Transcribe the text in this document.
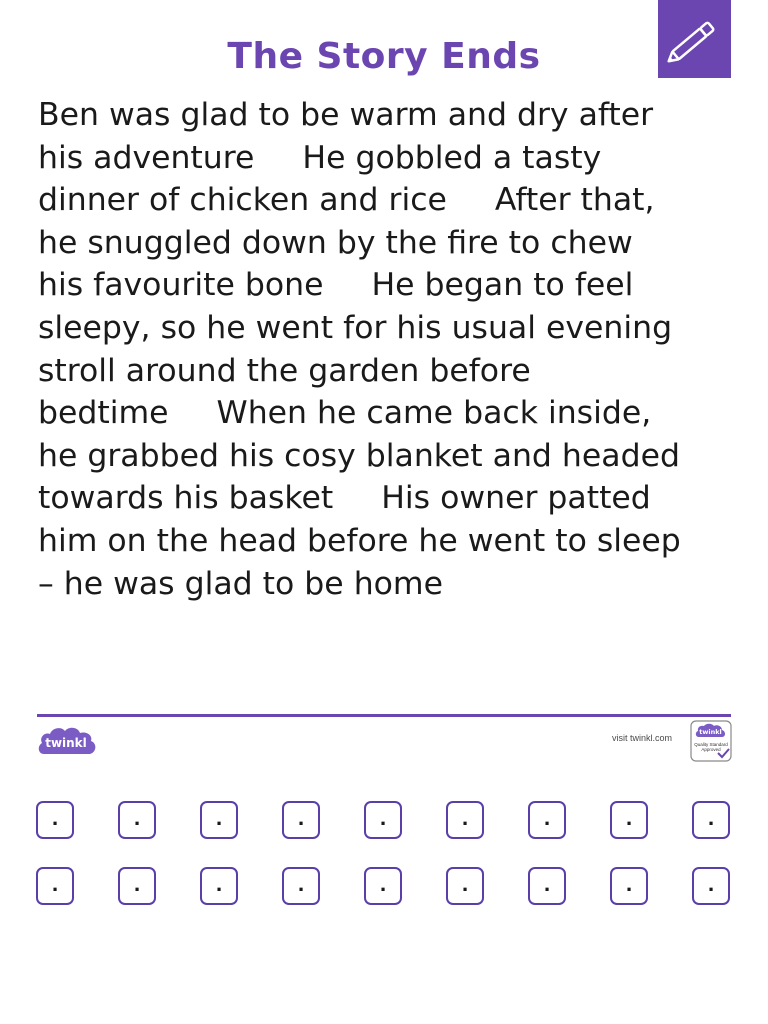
The Story Ends
Ben was glad to be warm and dry after
his adventure He gobbled a tasty
dinner of chicken and rice After that,
he snuggled down by the fire to chew
his favourite bone He began to feel
sleepy, so he went for his usual evening
stroll around the garden before
bedtime When he came back inside,
he grabbed his cosy blanket and headed
towards his basket His owner patted
him on the head before he went to sleep
– he was glad to be home
twinkl	visit twinkl.com
twinkl
Quality Standard
Approved
.	.	.	.	.	.	.	.	.
.	.	.	.	.	.	.	.	.
